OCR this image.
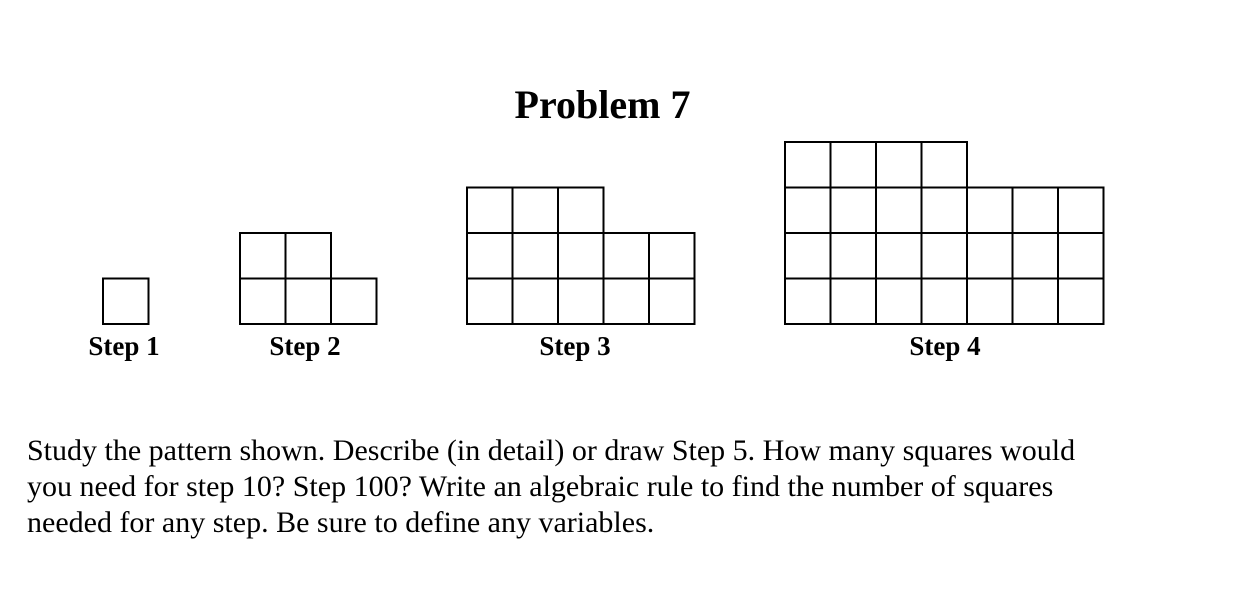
Problem 7
Step 1	Step 2	Step 3	Step 4

Study the pattern shown. Describe (in detail) or draw Step 5. How many squares would
you need for step 10? Step 100? Write an algebraic rule to find the number of squares
needed for any step. Be sure to define any variables.
